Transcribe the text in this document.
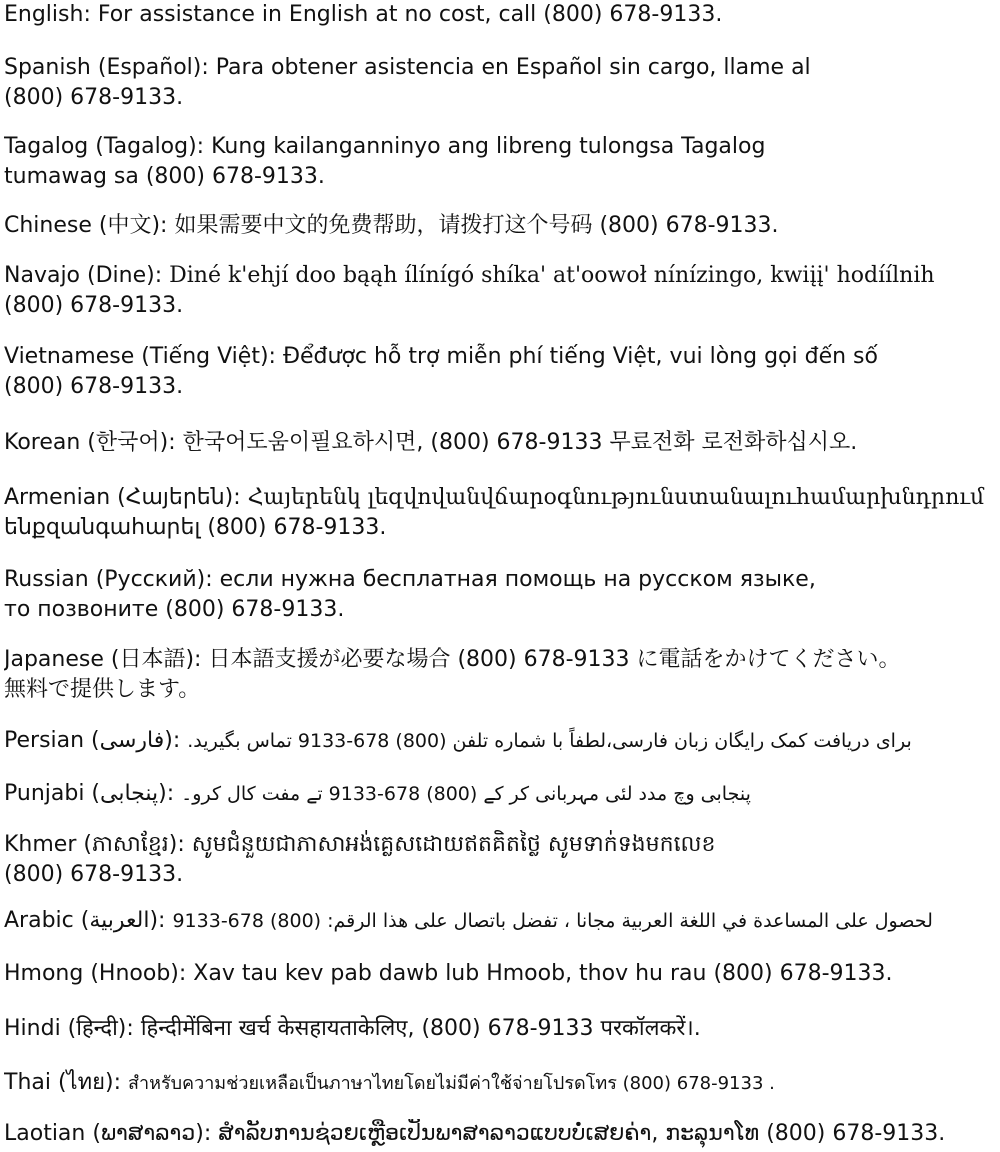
English: For assistance in English at no cost, call (800) 678-9133.
Spanish (Español): Para obtener asistencia en Español sin cargo, llame al
(800) 678-9133.
Tagalog (Tagalog): Kung kailanganninyo ang libreng tulongsa Tagalog
tumawag sa (800) 678-9133.
Chinese (中文): 如果需要中文的免费帮助，请拨打这个号码 (800) 678-9133.
Navajo (Dine): Diné k'ehjí doo bąąh ílínígó shíka' at'oowoł nínízingo, kwiįį' hodíílnih
(800) 678-9133.
Vietnamese (Tiếng Việt): Đểđược hỗ trợ miễn phí tiếng Việt, vui lòng gọi đến số
(800) 678-9133.
Korean (한국어): 한국어도움이필요하시면, (800) 678-9133 무료전화 로전화하십시오.
Armenian (Հայերեն): Հայերենկ լեզվովանվճարօգնությունստանալուհամարխնդրում
ենքզանգահարել (800) 678-9133.
Russian (Русский): если нужна бесплатная помощь на русском языке,
то позвоните (800) 678-9133.
Japanese (日本語): 日本語支援が必要な場合 (800) 678-9133 に電話をかけてください。
無料で提供します。
Persian (فارسی): برای دریافت کمک رایگان زبان فارسی،لطفاً با شماره تلفن (800) 678-9133 تماس بگیرید.
Punjabi (پنجابی): پنجابی وچ مدد لئی مہربانی کر کے (800) 678-9133 تے مفت کال کرو۔
Khmer (ភាសាខ្មែរ): សូមជំនួយជាភាសាអង់គ្លេសដោយឥតគិតថ្លៃ សូមទាក់ទងមកលេខ
(800) 678-9133.
Arabic (العربية): لحصول على المساعدة في اللغة العربية مجانا ، تفضل باتصال على هذا الرقم: (800) 678-9133
Hmong (Hnoob): Xav tau kev pab dawb lub Hmoob, thov hu rau (800) 678-9133.
Hindi (हिन्दी): हिन्दीमेंबिना खर्च केसहायताकेलिए, (800) 678-9133 परकॉलकरें।.
Thai (ไทย): สำหรับความช่วยเหลือเป็นภาษาไทยโดยไม่มีค่าใช้จ่ายโปรดโทร (800) 678-9133 .
Laotian (ພາສາລາວ): ສໍາລັບການຊ່ວຍເຫຼືອເປັນພາສາລາວແບບບໍ່ເສຍຄ່າ, ກະລຸນາໂທ (800) 678-9133.
